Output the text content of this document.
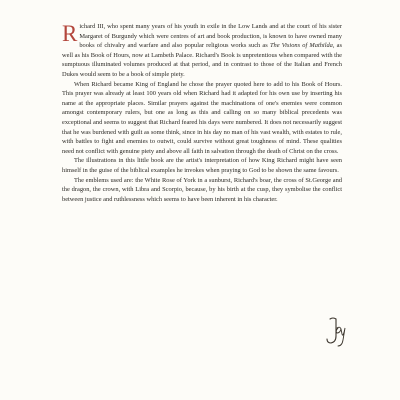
Richard III, who spent many years of his youth in exile in the Low Lands and at the court of his sister Margaret of Burgundy which were centres of art and book production, is known to have owned many books of chivalry and warfare and also popular religious works such as The Visions of Mathilda, as well as his Book of Hours, now at Lambeth Palace. Richard's Book is unpretentious when compared with the sumptuous illuminated volumes produced at that period, and in contrast to those of the Italian and French Dukes would seem to be a book of simple piety.

When Richard became King of England he chose the prayer quoted here to add to his Book of Hours. This prayer was already at least 100 years old when Richard had it adapted for his own use by inserting his name at the appropriate places. Similar prayers against the machinations of one's enemies were common amongst contemporary rulers, but one as long as this and calling on so many biblical precedents was exceptional and seems to suggest that Richard feared his days were numbered. It does not necessarily suggest that he was burdened with guilt as some think, since in his day no man of his vast wealth, with estates to rule, with battles to fight and enemies to outwit, could survive without great toughness of mind. These qualities need not conflict with genuine piety and above all faith in salvation through the death of Christ on the cross.

The illustrations in this little book are the artist's interpretation of how King Richard might have seen himself in the guise of the biblical examples he invokes when praying to God to be shown the same favours.

The emblems used are: the White Rose of York in a sunburst, Richard's boar, the cross of St.George and the dragon, the crown, with Libra and Scorpio, because, by his birth at the cusp, they symbolise the conflict between justice and ruthlessness which seems to have been inherent in his character.
